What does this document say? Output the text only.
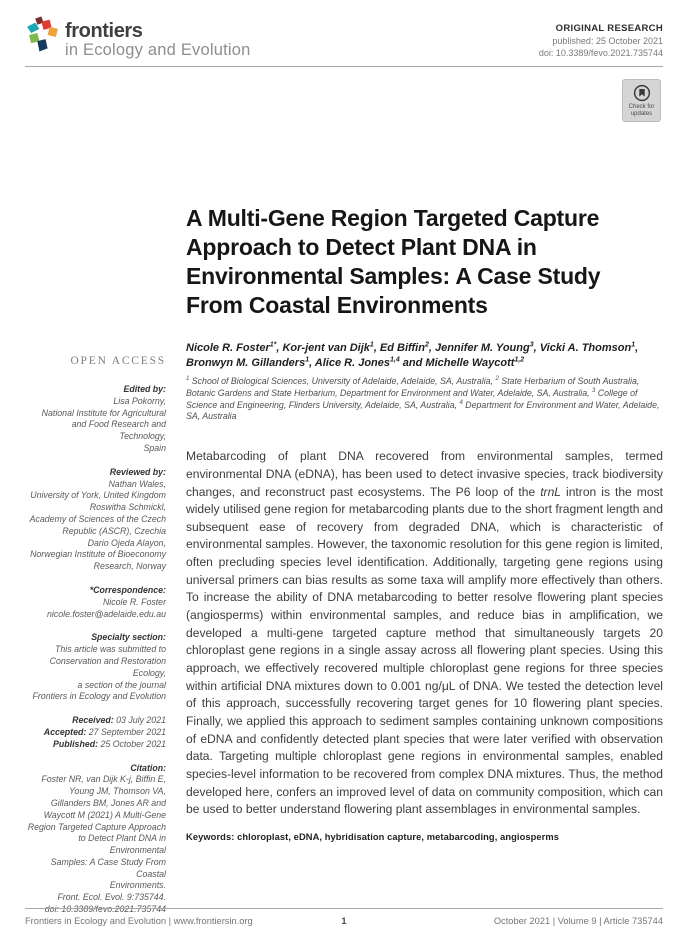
frontiers
in Ecology and Evolution
ORIGINAL RESEARCH
published: 25 October 2021
doi: 10.3389/fevo.2021.735744
Check for
updates
OPEN ACCESS
Edited by:
Lisa Pokorny,
National Institute for Agricultural
and Food Research and Technology,
Spain
Reviewed by:
Nathan Wales,
University of York, United Kingdom
Roswitha Schmickl,
Academy of Sciences of the Czech
Republic (ASCR), Czechia
Dario Ojeda Alayon,
Norwegian Institute of Bioeconomy
Research, Norway
*Correspondence:
Nicole R. Foster
nicole.foster@adelaide.edu.au
Specialty section:
This article was submitted to
Conservation and Restoration
Ecology,
a section of the journal
Frontiers in Ecology and Evolution
Received: 03 July 2021
Accepted: 27 September 2021
Published: 25 October 2021
Citation:
Foster NR, van Dijk K-j, Biffin E,
Young JM, Thomson VA,
Gillanders BM, Jones AR and
Waycott M (2021) A Multi-Gene
Region Targeted Capture Approach
to Detect Plant DNA in Environmental
Samples: A Case Study From Coastal
Environments.
Front. Ecol. Evol. 9:735744.
doi: 10.3389/fevo.2021.735744
A Multi-Gene Region Targeted Capture Approach to Detect Plant DNA in Environmental Samples: A Case Study From Coastal Environments
Nicole R. Foster$^{1*}$, Kor-jent van Dijk$^1$, Ed Biffin$^2$, Jennifer M. Young$^3$, Vicki A. Thomson$^1$, Bronwyn M. Gillanders$^1$, Alice R. Jones$^{1,4}$ and Michelle Waycott$^{1,2}$
$^1$ School of Biological Sciences, University of Adelaide, Adelaide, SA, Australia, $^2$ State Herbarium of South Australia, Botanic Gardens and State Herbarium, Department for Environment and Water, Adelaide, SA, Australia, $^3$ College of Science and Engineering, Flinders University, Adelaide, SA, Australia, $^4$ Department for Environment and Water, Adelaide, SA, Australia
Metabarcoding of plant DNA recovered from environmental samples, termed environmental DNA (eDNA), has been used to detect invasive species, track biodiversity changes, and reconstruct past ecosystems. The P6 loop of the trnL intron is the most widely utilised gene region for metabarcoding plants due to the short fragment length and subsequent ease of recovery from degraded DNA, which is characteristic of environmental samples. However, the taxonomic resolution for this gene region is limited, often precluding species level identification. Additionally, targeting gene regions using universal primers can bias results as some taxa will amplify more effectively than others. To increase the ability of DNA metabarcoding to better resolve flowering plant species (angiosperms) within environmental samples, and reduce bias in amplification, we developed a multi-gene targeted capture method that simultaneously targets 20 chloroplast gene regions in a single assay across all flowering plant species. Using this approach, we effectively recovered multiple chloroplast gene regions for three species within artificial DNA mixtures down to 0.001 ng/μL of DNA. We tested the detection level of this approach, successfully recovering target genes for 10 flowering plant species. Finally, we applied this approach to sediment samples containing unknown compositions of eDNA and confidently detected plant species that were later verified with observation data. Targeting multiple chloroplast gene regions in environmental samples, enabled species-level information to be recovered from complex DNA mixtures. Thus, the method developed here, confers an improved level of data on community composition, which can be used to better understand flowering plant assemblages in environmental samples.
Keywords: chloroplast, eDNA, hybridisation capture, metabarcoding, angiosperms
Frontiers in Ecology and Evolution | www.frontiersin.org	1	October 2021 | Volume 9 | Article 735744
